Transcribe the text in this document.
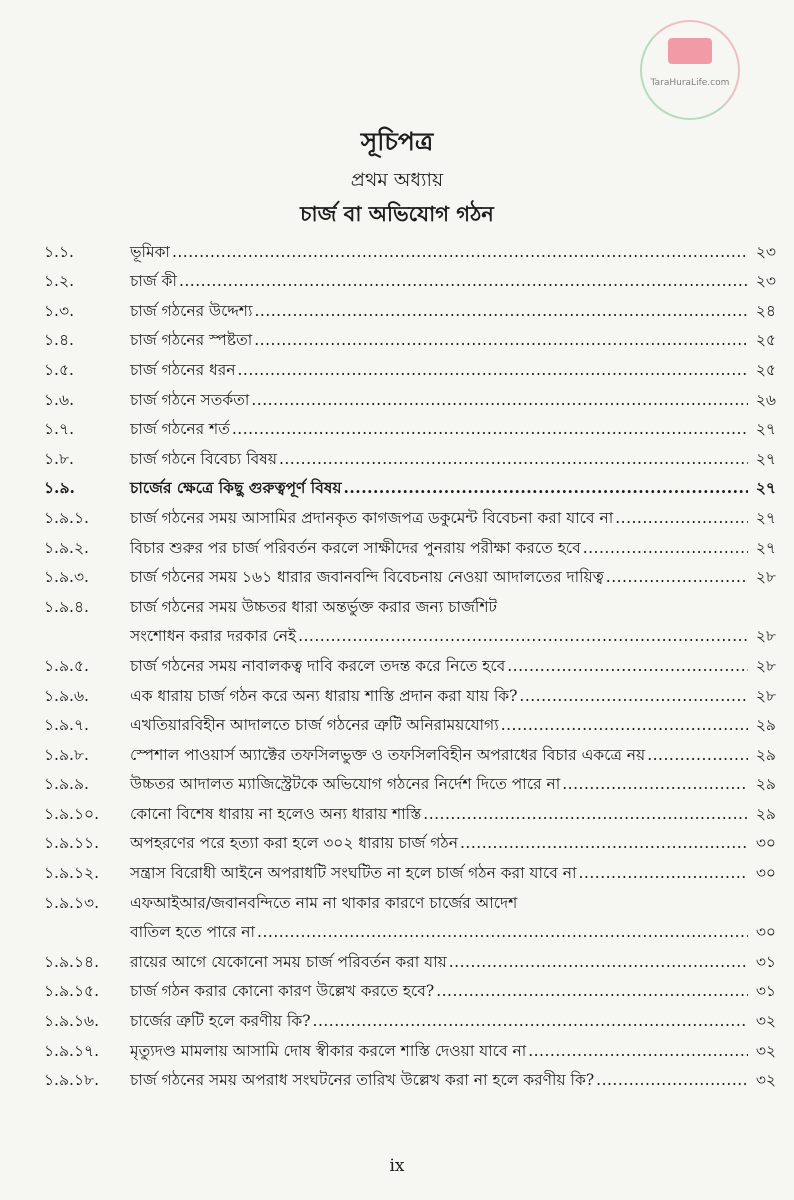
TaraHuraLife.com
সূচিপত্র
প্রথম অধ্যায়
চার্জ বা অভিযোগ গঠন
১.১.	ভূমিকা .....	২৩
১.২.	চার্জ কী .....	২৩
১.৩.	চার্জ গঠনের উদ্দেশ্য .....	২৪
১.৪.	চার্জ গঠনের স্পষ্টতা .....	২৫
১.৫.	চার্জ গঠনের ধরন .....	২৫
১.৬.	চার্জ গঠনে সতর্কতা .....	২৬
১.৭.	চার্জ গঠনের শর্ত .....	২৭
১.৮.	চার্জ গঠনে বিবেচ্য বিষয় .....	২৭
১.৯.	চার্জের ক্ষেত্রে কিছু গুরুত্বপূর্ণ বিষয় .....	২৭
১.৯.১.	চার্জ গঠনের সময় আসামির প্রদানকৃত কাগজপত্র ডকুমেন্ট বিবেচনা করা যাবে না .....	২৭
১.৯.২.	বিচার শুরুর পর চার্জ পরিবর্তন করলে সাক্ষীদের পুনরায় পরীক্ষা করতে হবে .....	২৭
১.৯.৩.	চার্জ গঠনের সময় ১৬১ ধারার জবানবন্দি বিবেচনায় নেওয়া আদালতের দায়িত্ব .....	২৮
১.৯.৪.	চার্জ গঠনের সময় উচ্চতর ধারা অন্তর্ভুক্ত করার জন্য চার্জশিট
সংশোধন করার দরকার নেই .....	২৮
১.৯.৫.	চার্জ গঠনের সময় নাবালকত্ব দাবি করলে তদন্ত করে নিতে হবে .....	২৮
১.৯.৬.	এক ধারায় চার্জ গঠন করে অন্য ধারায় শাস্তি প্রদান করা যায় কি? .....	২৮
১.৯.৭.	এখতিয়ারবিহীন আদালতে চার্জ গঠনের ত্রুটি অনিরাময়যোগ্য .....	২৯
১.৯.৮.	স্পেশাল পাওয়ার্স অ্যাক্টের তফসিলভুক্ত ও তফসিলবিহীন অপরাধের বিচার একত্রে নয় .....	২৯
১.৯.৯.	উচ্চতর আদালত ম্যাজিস্ট্রেটকে অভিযোগ গঠনের নির্দেশ দিতে পারে না .....	২৯
১.৯.১০.	কোনো বিশেষ ধারায় না হলেও অন্য ধারায় শাস্তি .....	২৯
১.৯.১১.	অপহরণের পরে হত্যা করা হলে ৩০২ ধারায় চার্জ গঠন .....	৩০
১.৯.১২.	সন্ত্রাস বিরোধী আইনে অপরাধটি সংঘটিত না হলে চার্জ গঠন করা যাবে না .....	৩০
১.৯.১৩.	এফআইআর/জবানবন্দিতে নাম না থাকার কারণে চার্জের আদেশ
বাতিল হতে পারে না .....	৩০
১.৯.১৪.	রায়ের আগে যেকোনো সময় চার্জ পরিবর্তন করা যায় .....	৩১
১.৯.১৫.	চার্জ গঠন করার কোনো কারণ উল্লেখ করতে হবে? .....	৩১
১.৯.১৬.	চার্জের ত্রুটি হলে করণীয় কি? .....	৩২
১.৯.১৭.	মৃত্যুদণ্ড মামলায় আসামি দোষ স্বীকার করলে শাস্তি দেওয়া যাবে না .....	৩২
১.৯.১৮.	চার্জ গঠনের সময় অপরাধ সংঘটনের তারিখ উল্লেখ করা না হলে করণীয় কি? .....	৩২
ix
